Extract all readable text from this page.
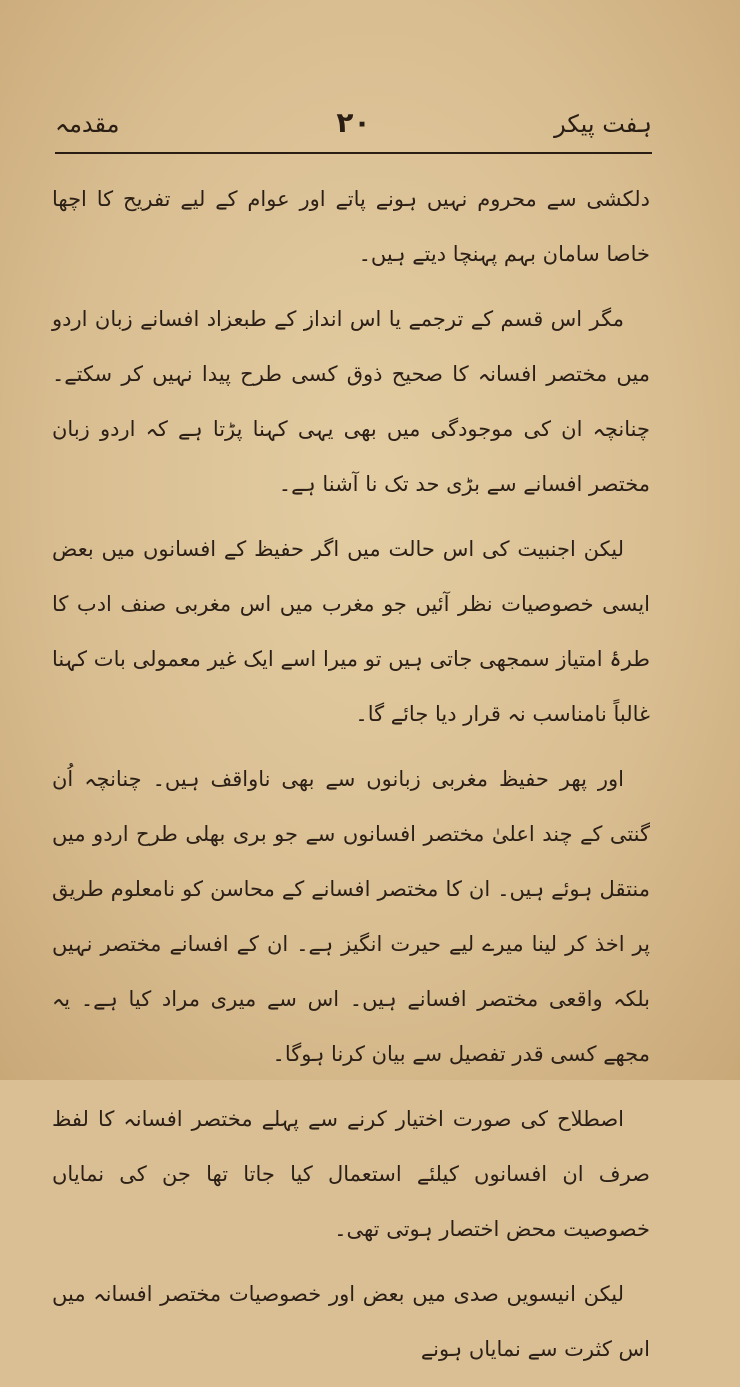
ہفت پیکر
۲۰
مقدمہ

دلکشی سے محروم نہیں ہونے پاتے اور عوام کے لیے تفریح کا اچھا خاصا سامان بہم پہنچا دیتے ہیں۔

مگر اس قسم کے ترجمے یا اس انداز کے طبعزاد افسانے زبان اردو میں مختصر افسانہ کا صحیح ذوق کسی طرح پیدا نہیں کر سکتے۔ چنانچہ ان کی موجودگی میں بھی یہی کہنا پڑتا ہے کہ اردو زبان مختصر افسانے سے بڑی حد تک نا آشنا ہے۔

لیکن اجنبیت کی اس حالت میں اگر حفیظ کے افسانوں میں بعض ایسی خصوصیات نظر آئیں جو مغرب میں اس مغربی صنف ادب کا طرۂ امتیاز سمجھی جاتی ہیں تو میرا اسے ایک غیر معمولی بات کہنا غالباً نامناسب نہ قرار دیا جائے گا۔

اور پھر حفیظ مغربی زبانوں سے بھی ناواقف ہیں۔ چنانچہ اُن گنتی کے چند اعلیٰ مختصر افسانوں سے جو بری بھلی طرح اردو میں منتقل ہوئے ہیں۔ ان کا مختصر افسانے کے محاسن کو نامعلوم طریق پر اخذ کر لینا میرے لیے حیرت انگیز ہے۔ ان کے افسانے مختصر نہیں بلکہ واقعی مختصر افسانے ہیں۔ اس سے میری مراد کیا ہے۔ یہ مجھے کسی قدر تفصیل سے بیان کرنا ہوگا۔

اصطلاح کی صورت اختیار کرنے سے پہلے مختصر افسانہ کا لفظ صرف ان افسانوں کیلئے استعمال کیا جاتا تھا جن کی نمایاں خصوصیت محض اختصار ہوتی تھی۔

لیکن انیسویں صدی میں بعض اور خصوصیات مختصر افسانہ میں اس کثرت سے نمایاں ہونے
